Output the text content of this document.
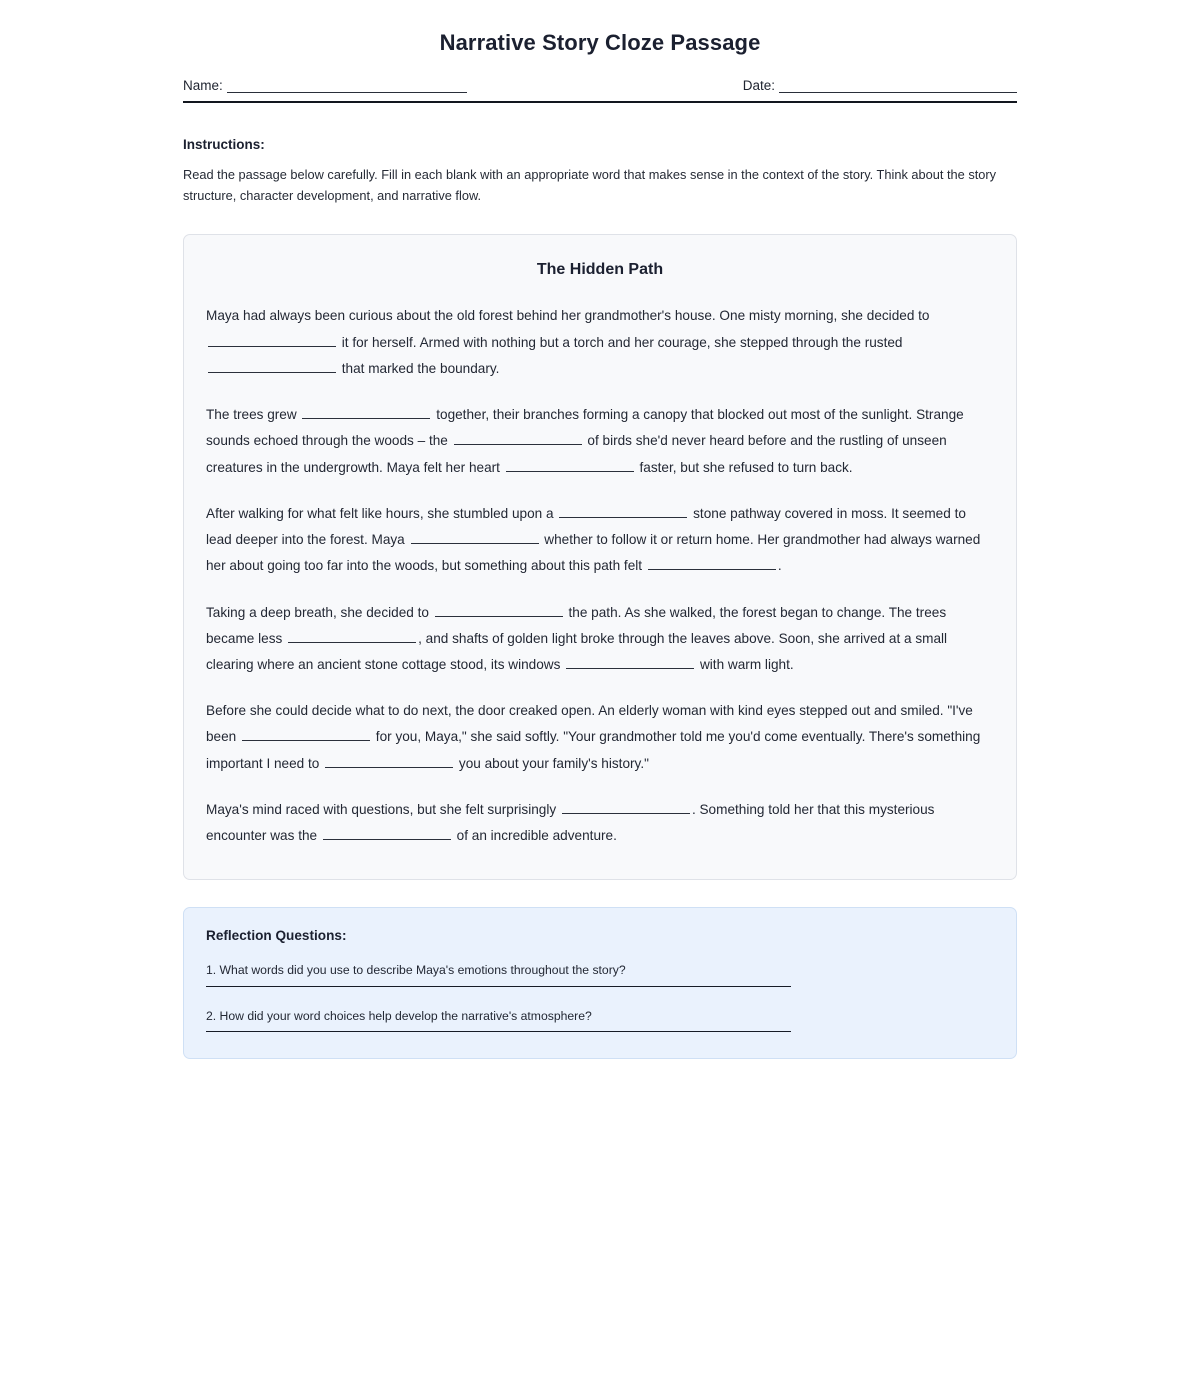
Narrative Story Cloze Passage
Name:	Date:
Instructions:

Read the passage below carefully. Fill in each blank with an appropriate word that makes sense in the context of the story. Think about the story structure, character development, and narrative flow.

The Hidden Path

Maya had always been curious about the old forest behind her grandmother's house. One misty morning, she decided to  it for herself. Armed with nothing but a torch and her courage, she stepped through the rusted  that marked the boundary.

The trees grew	together, their branches forming a canopy that blocked out most of the sunlight. Strange sounds echoed through the woods – the	of birds she'd never heard before and the rustling of unseen creatures in the undergrowth. Maya felt her heart	faster, but she refused to turn back.

After walking for what felt like hours, she stumbled upon a	stone pathway covered in moss. It seemed to lead deeper into the forest. Maya	whether to follow it or return home. Her grandmother had always warned her about going too far into the woods, but something about this path felt	.

Taking a deep breath, she decided to	the path. As she walked, the forest began to change. The trees became less	, and shafts of golden light broke through the leaves above. Soon, she arrived at a small clearing where an ancient stone cottage stood, its windows	with warm light.

Before she could decide what to do next, the door creaked open. An elderly woman with kind eyes stepped out and smiled. "I've been	for you, Maya," she said softly. "Your grandmother told me you'd come eventually. There's something important I need to	you about your family's history."

Maya's mind raced with questions, but she felt surprisingly	. Something told her that this mysterious encounter was the	of an incredible adventure.

Reflection Questions:

1. What words did you use to describe Maya's emotions throughout the story?

2. How did your word choices help develop the narrative's atmosphere?
